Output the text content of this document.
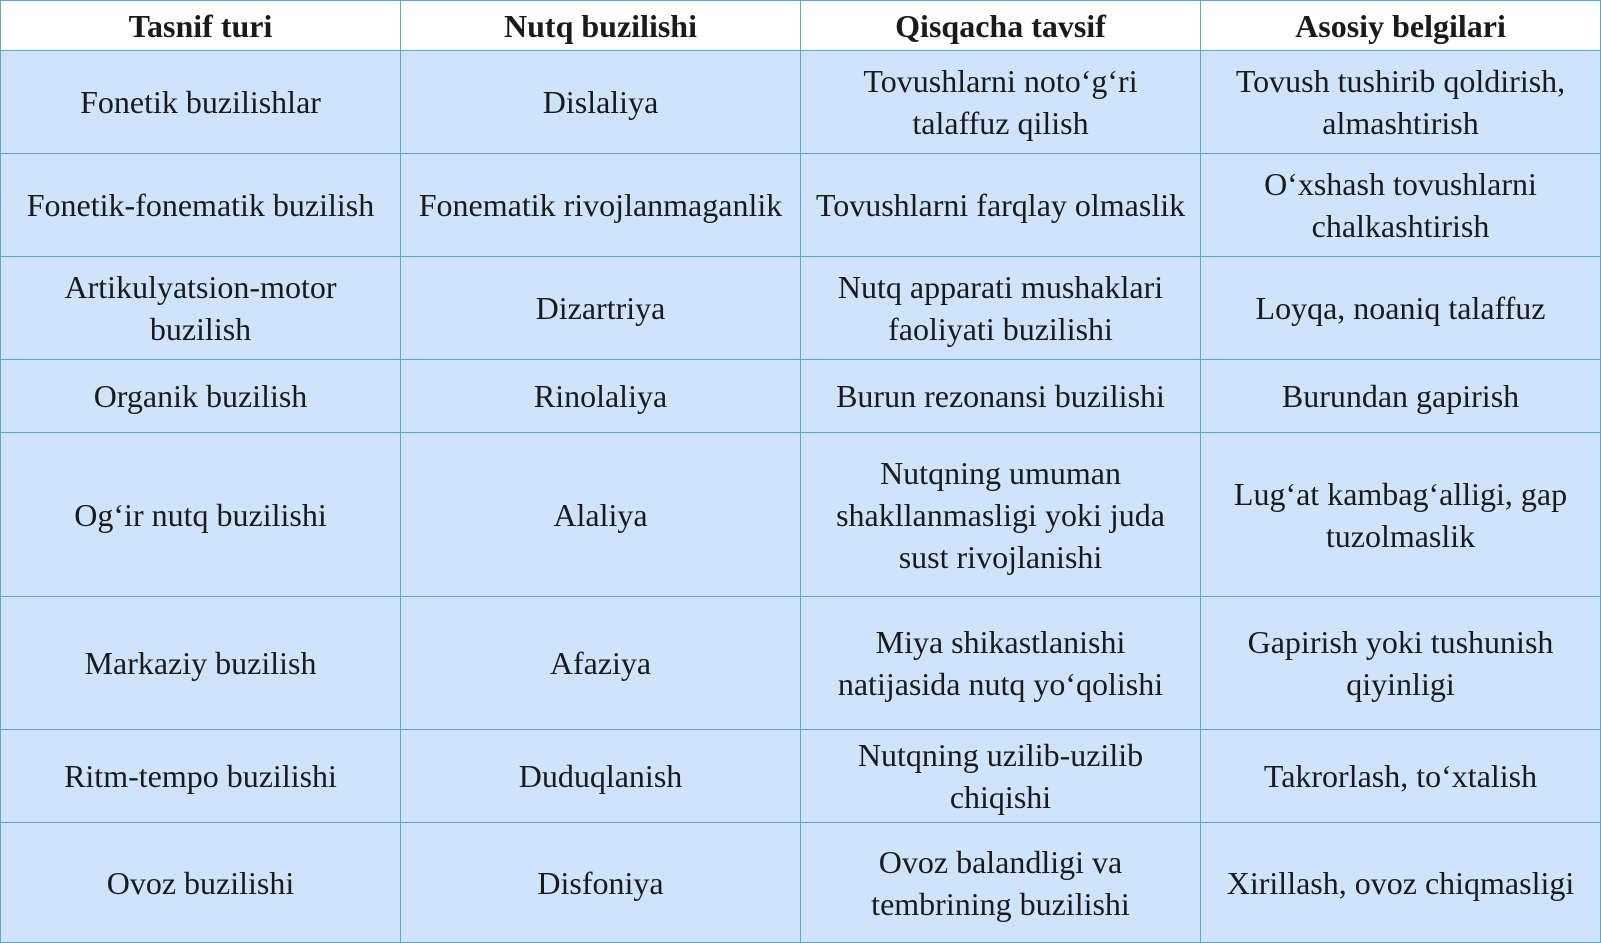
Tasnif turi	Nutq buzilishi	Qisqacha tavsif	Asosiy belgilari
Fonetik buzilishlar	Dislaliya	Tovushlarni noto‘g‘ri talaffuz qilish	Tovush tushirib qoldirish, almashtirish
Fonetik-fonematik buzilish	Fonematik rivojlanmaganlik	Tovushlarni farqlay olmaslik	O‘xshash tovushlarni chalkashtirish
Artikulyatsion-motor buzilish	Dizartriya	Nutq apparati mushaklari faoliyati buzilishi	Loyqa, noaniq talaffuz
Organik buzilish	Rinolaliya	Burun rezonansi buzilishi	Burundan gapirish
Og‘ir nutq buzilishi	Alaliya	Nutqning umuman shakllanmasligi yoki juda sust rivojlanishi	Lug‘at kambag‘alligi, gap tuzolmaslik
Markaziy buzilish	Afaziya	Miya shikastlanishi natijasida nutq yo‘qolishi	Gapirish yoki tushunish qiyinligi
Ritm-tempo buzilishi	Duduqlanish	Nutqning uzilib-uzilib chiqishi	Takrorlash, to‘xtalish
Ovoz buzilishi	Disfoniya	Ovoz balandligi va tembrining buzilishi	Xirillash, ovoz chiqmasligi
